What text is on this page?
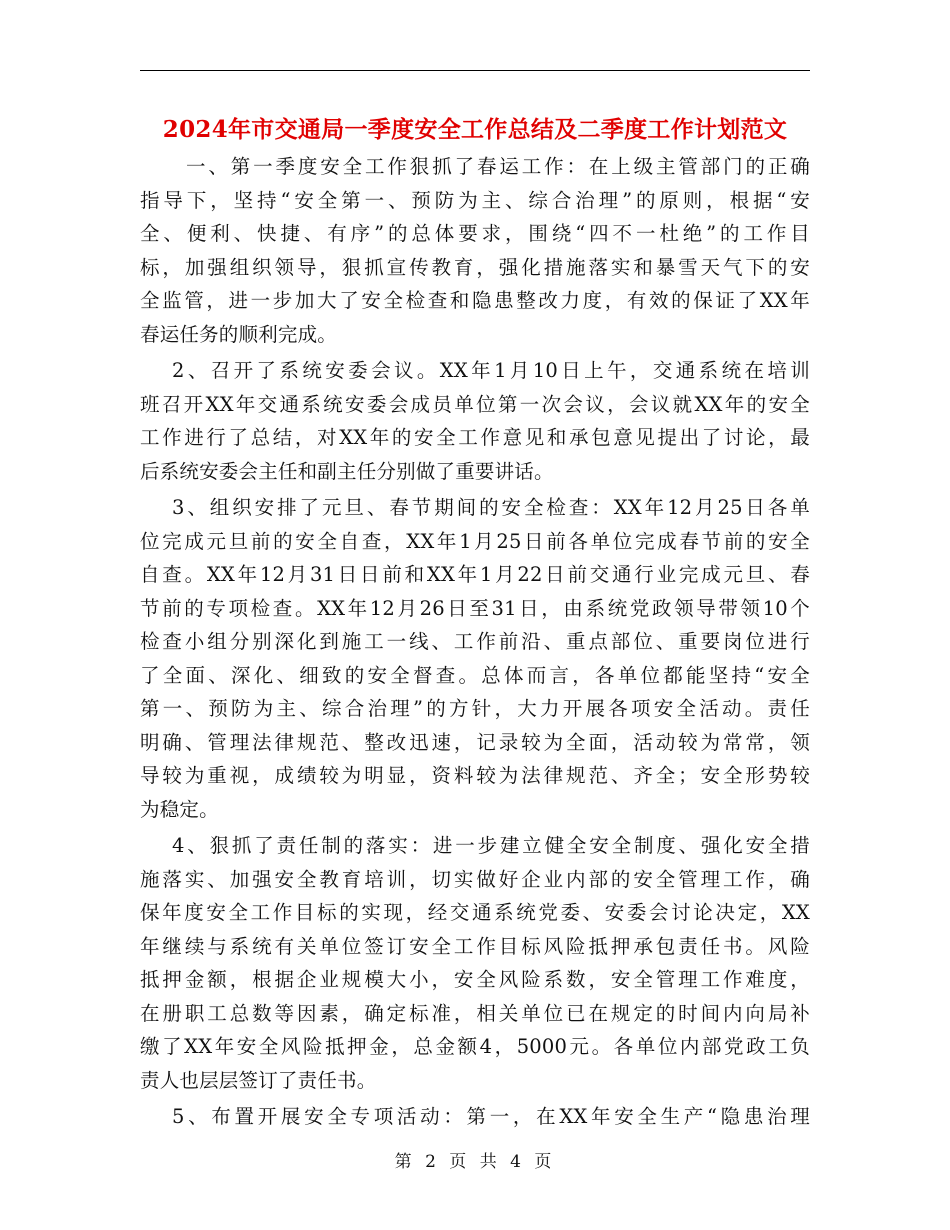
2024年市交通局一季度安全工作总结及二季度工作计划范文
一、第一季度安全工作狠抓了春运工作：在上级主管部门的正确
指导下，坚持“安全第一、预防为主、综合治理”的原则，根据“安
全、便利、快捷、有序”的总体要求，围绕“四不一杜绝”的工作目
标，加强组织领导，狠抓宣传教育，强化措施落实和暴雪天气下的安
全监管，进一步加大了安全检查和隐患整改力度，有效的保证了XX年
春运任务的顺利完成。
2、召开了系统安委会议。XX年1月10日上午，交通系统在培训
班召开XX年交通系统安委会成员单位第一次会议，会议就XX年的安全
工作进行了总结，对XX年的安全工作意见和承包意见提出了讨论，最
后系统安委会主任和副主任分别做了重要讲话。
3、组织安排了元旦、春节期间的安全检查：XX年12月25日各单
位完成元旦前的安全自查，XX年1月25日前各单位完成春节前的安全
自查。XX年12月31日日前和XX年1月22日前交通行业完成元旦、春
节前的专项检查。XX年12月26日至31日，由系统党政领导带领10个
检查小组分别深化到施工一线、工作前沿、重点部位、重要岗位进行
了全面、深化、细致的安全督查。总体而言，各单位都能坚持“安全
第一、预防为主、综合治理”的方针，大力开展各项安全活动。责任
明确、管理法律规范、整改迅速，记录较为全面，活动较为常常，领
导较为重视，成绩较为明显，资料较为法律规范、齐全；安全形势较
为稳定。
4、狠抓了责任制的落实：进一步建立健全安全制度、强化安全措
施落实、加强安全教育培训，切实做好企业内部的安全管理工作，确
保年度安全工作目标的实现，经交通系统党委、安委会讨论决定，XX
年继续与系统有关单位签订安全工作目标风险抵押承包责任书。风险
抵押金额，根据企业规模大小，安全风险系数，安全管理工作难度，
在册职工总数等因素，确定标准，相关单位已在规定的时间内向局补
缴了XX年安全风险抵押金，总金额4，5000元。各单位内部党政工负
责人也层层签订了责任书。
5、布置开展安全专项活动：第一，在XX年安全生产“隐患治理
第 2 页 共 4 页
